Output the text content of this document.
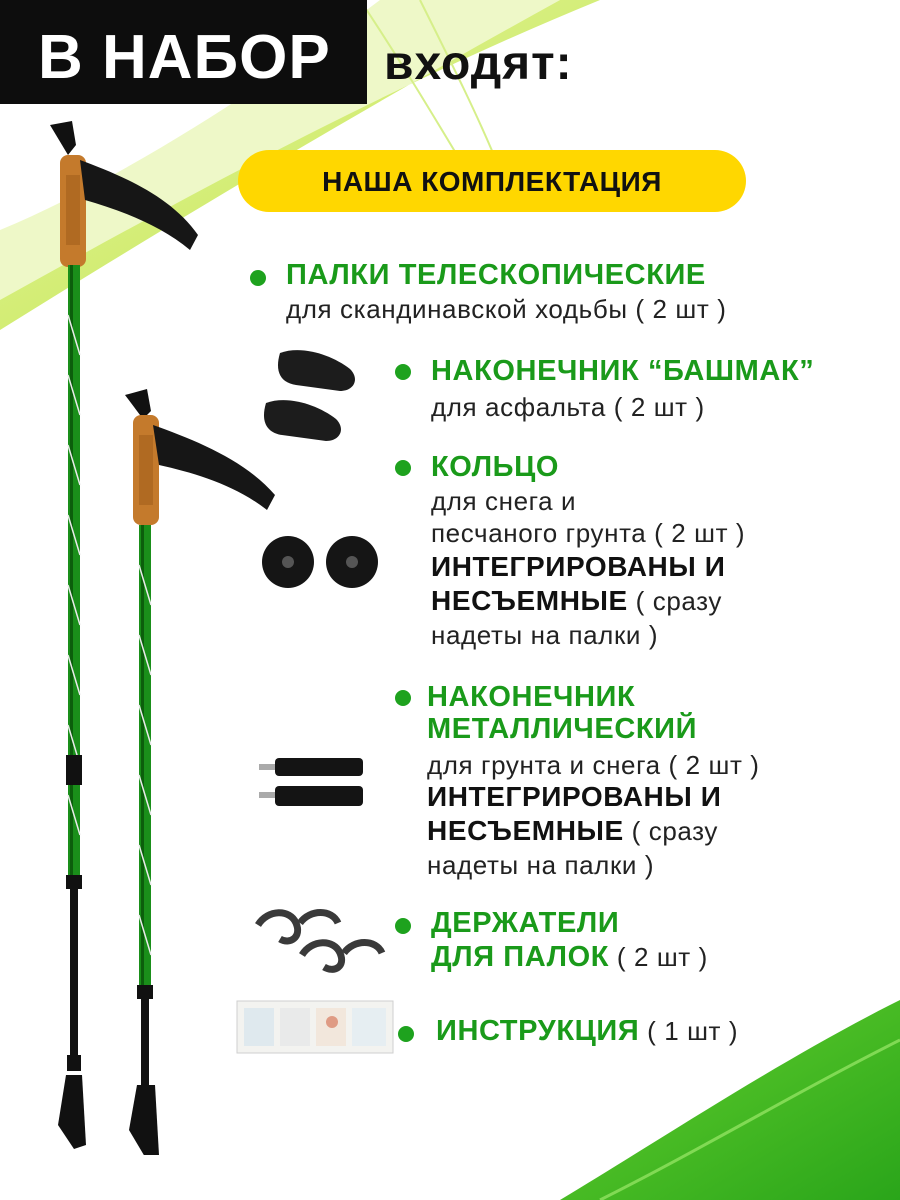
В НАБОР входят:
НАША КОМПЛЕКТАЦИЯ
ПАЛКИ ТЕЛЕСКОПИЧЕСКИЕ
для скандинавской ходьбы ( 2 шт )
НАКОНЕЧНИК “БАШМАК”
для асфальта ( 2 шт )
КОЛЬЦО
для снега и
песчаного грунта ( 2 шт )
ИНТЕГРИРОВАНЫ И
НЕСЪЕМНЫЕ ( сразу
надеты на палки )
НАКОНЕЧНИК
МЕТАЛЛИЧЕСКИЙ
для грунта и снега ( 2 шт )
ИНТЕГРИРОВАНЫ И
НЕСЪЕМНЫЕ ( сразу
надеты на палки )
ДЕРЖАТЕЛИ
ДЛЯ ПАЛОК ( 2 шт )
ИНСТРУКЦИЯ ( 1 шт )
